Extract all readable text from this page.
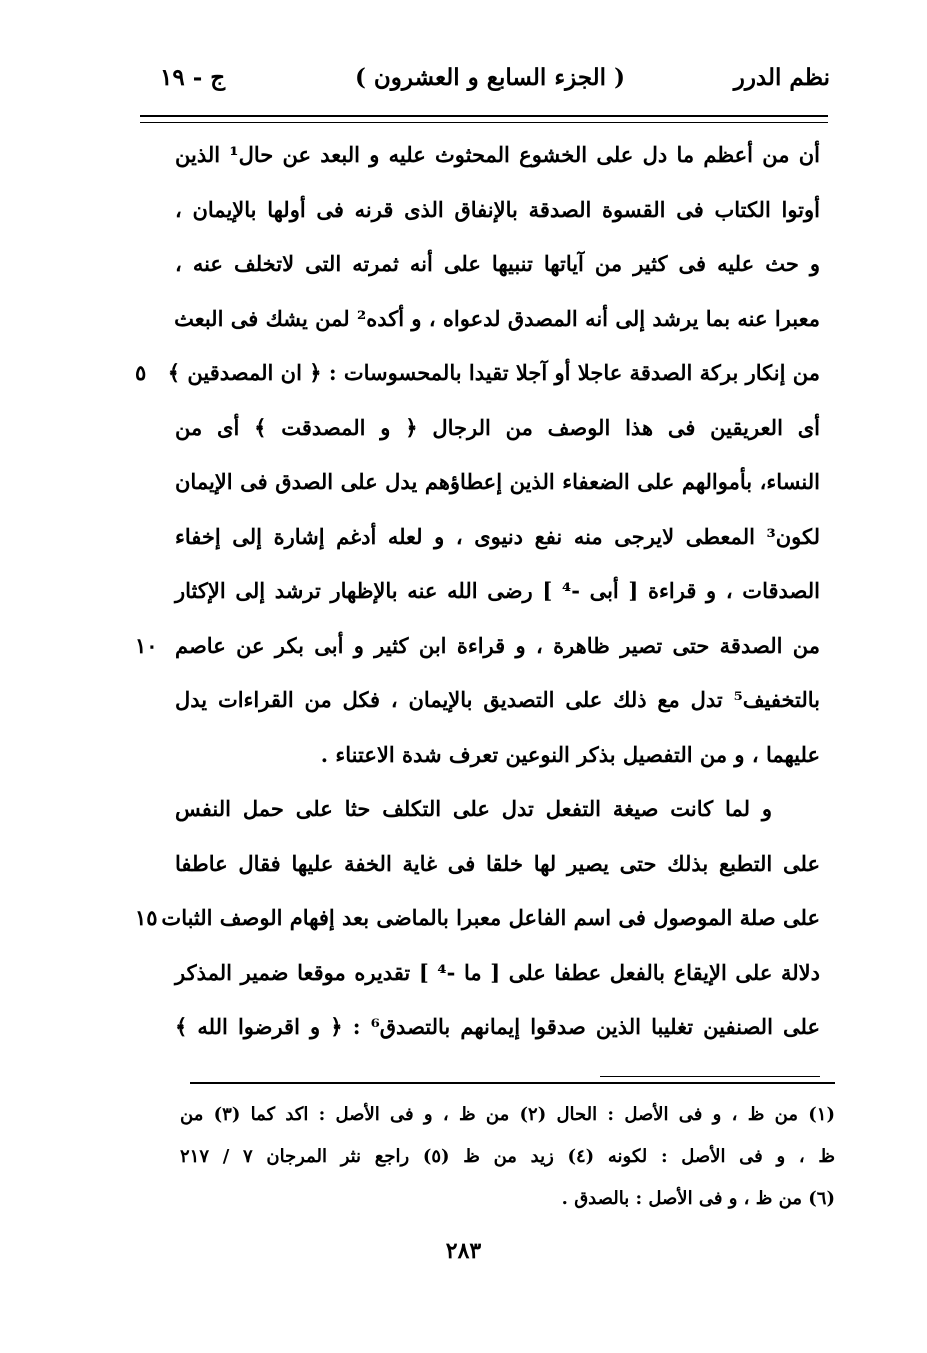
نظم الدرر
( الجزء السابع و العشرون )
ج - ١٩
أن من أعظم ما دل على الخشوع المحثوث عليه و البعد عن حال¹ الذين
أوتوا الكتاب فى القسوة الصدقة بالإنفاق الذى قرنه فى أولها بالإيمان ،
و حث عليه فى كثير من آياتها تنبيها على أنه ثمرته التى لاتخلف عنه ،
معبرا عنه بما يرشد إلى أنه المصدق لدعواه ، و أكده² لمن يشك فى البعث
من إنكار بركة الصدقة عاجلا أو آجلا تقيدا بالمحسوسات : ﴿ ان المصدقين ﴾
٥
أى العريقين فى هذا الوصف من الرجال ﴿ و المصدقت ﴾ أى من
النساء، بأموالهم على الضعفاء الذين إعطاؤهم يدل على الصدق فى الإيمان
لكون³ المعطى لايرجى منه نفع دنيوى ، و لعله أدغم إشارة إلى إخفاء
الصدقات ، و قراءة [ أبى -⁴ ] رضى الله عنه بالإظهار ترشد إلى الإكثار
من الصدقة حتى تصير ظاهرة ، و قراءة ابن كثير و أبى بكر عن عاصم
١٠
بالتخفيف⁵ تدل مع ذلك على التصديق بالإيمان ، فكل من القراءات يدل
عليهما ، و من التفصيل بذكر النوعين تعرف شدة الاعتناء .
و لما كانت صيغة التفعل تدل على التكلف حثا على حمل النفس
على التطبع بذلك حتى يصير لها خلقا فى غاية الخفة عليها فقال عاطفا
على صلة الموصول فى اسم الفاعل معبرا بالماضى بعد إفهام الوصف الثبات
١٥
دلالة على الإيقاع بالفعل عطفا على [ ما -⁴ ] تقديره موقعا ضمير المذكر
على الصنفين تغليبا الذين صدقوا إيمانهم بالتصدق⁶ : ﴿ و اقرضوا الله ﴾
(١) من ظ ، و فى الأصل : الحال (٢) من ظ ، و فى الأصل : اكد كما (٣) من
ظ ، و فى الأصل : لكونه (٤) زيد من ظ (٥) راجع نثر المرجان ٧ / ٢١٧
(٦) من ظ ، و فى الأصل : بالصدق .
٢٨٣
